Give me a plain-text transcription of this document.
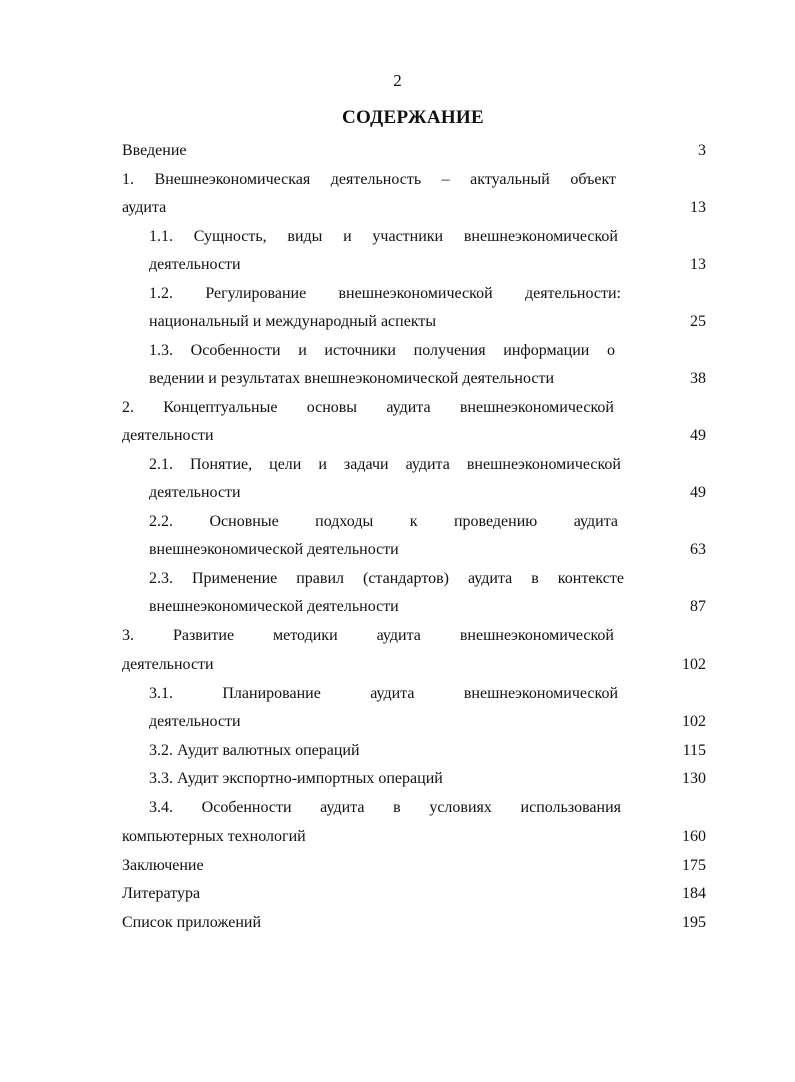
2
СОДЕРЖАНИЕ
Введение	3
1. Внешнеэкономическая деятельность – актуальный объект
аудита	13
1.1. Сущность, виды и участники внешнеэкономической
деятельности	13
1.2. Регулирование внешнеэкономической деятельности:
национальный и международный аспекты	25
1.3. Особенности и источники получения информации о
ведении и результатах внешнеэкономической деятельности	38
2. Концептуальные основы аудита внешнеэкономической
деятельности	49
2.1. Понятие, цели и задачи аудита внешнеэкономической
деятельности	49
2.2. Основные подходы к проведению аудита
внешнеэкономической деятельности	63
2.3. Применение правил (стандартов) аудита в контексте
внешнеэкономической деятельности	87
3. Развитие методики аудита внешнеэкономической
деятельности	102
3.1. Планирование аудита внешнеэкономической
деятельности	102
3.2. Аудит валютных операций	115
3.3. Аудит экспортно-импортных операций	130
3.4. Особенности аудита в условиях использования
компьютерных технологий	160
Заключение	175
Литература	184
Список приложений	195
